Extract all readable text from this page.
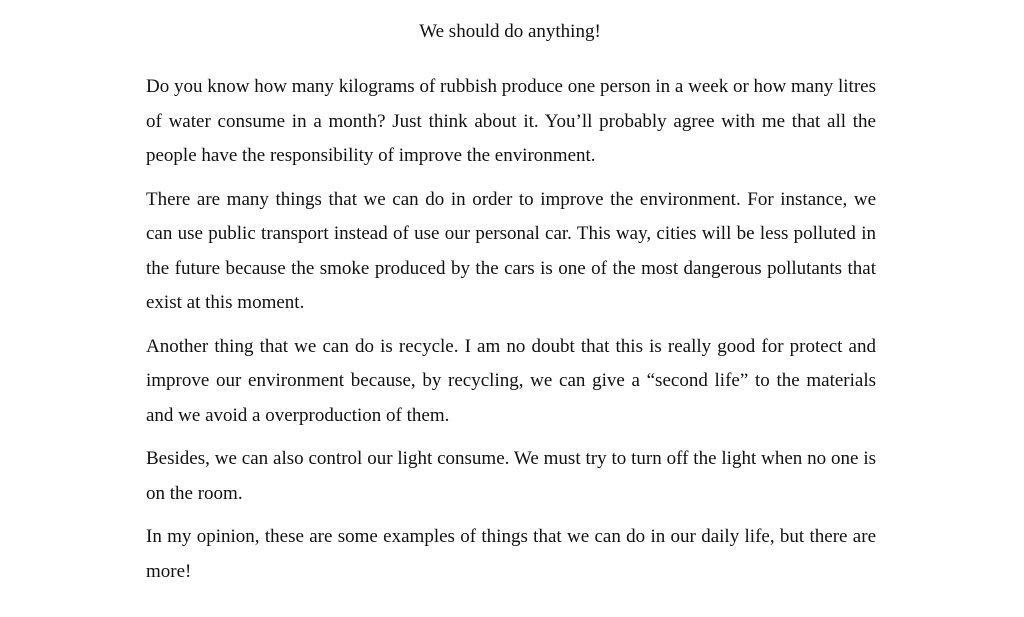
We should do anything!

Do you know how many kilograms of rubbish produce one person in a week or how many litres of water consume in a month? Just think about it. You’ll probably agree with me that all the people have the responsibility of improve the environment.

There are many things that we can do in order to improve the environment. For instance, we can use public transport instead of use our personal car. This way, cities will be less polluted in the future because the smoke produced by the cars is one of the most dangerous pollutants that exist at this moment.

Another thing that we can do is recycle. I am no doubt that this is really good for protect and improve our environment because, by recycling, we can give a “second life” to the materials and we avoid a overproduction of them.

Besides, we can also control our light consume. We must try to turn off the light when no one is on the room.

In my opinion, these are some examples of things that we can do in our daily life, but there are more!
